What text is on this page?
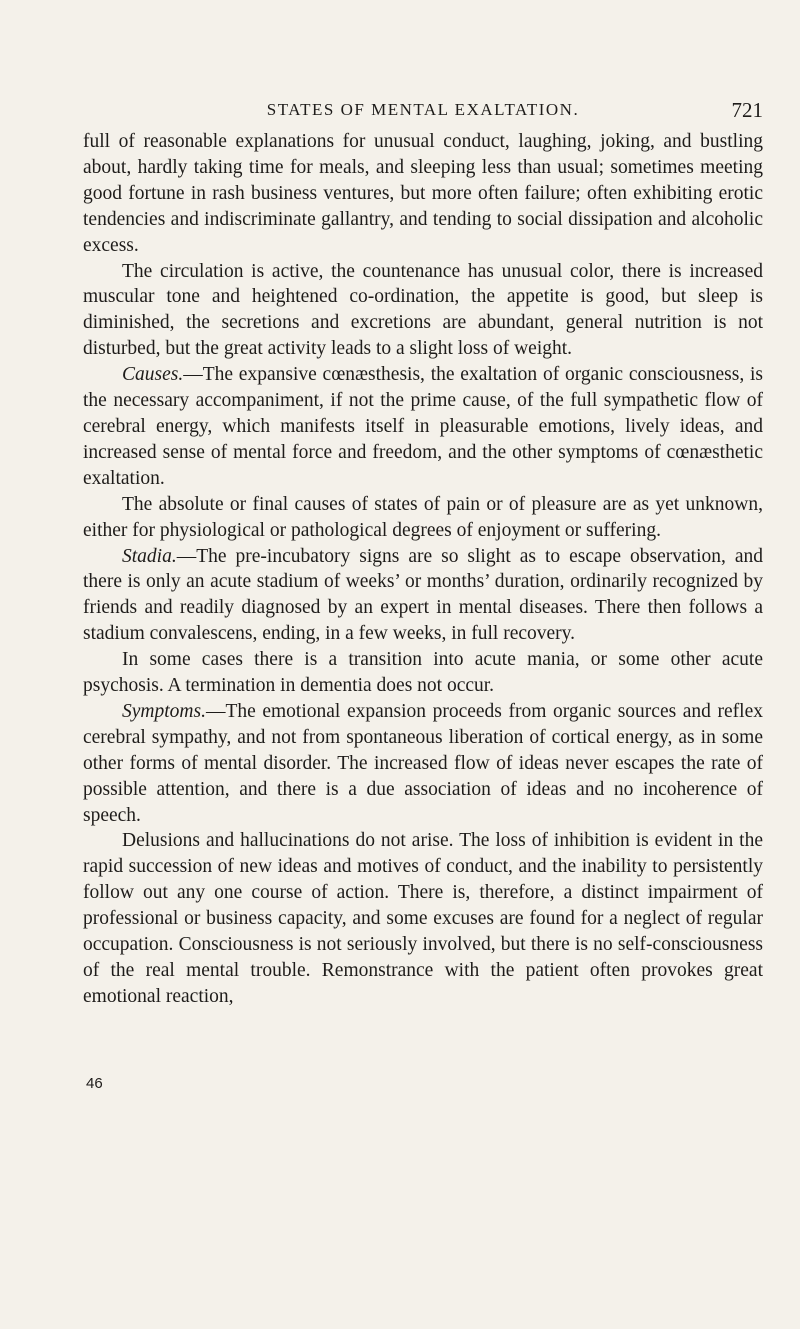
STATES OF MENTAL EXALTATION.	721

full of reasonable explanations for unusual conduct, laughing, joking, and bustling about, hardly taking time for meals, and sleeping less than usual; sometimes meeting good fortune in rash business ventures, but more often failure; often exhibiting erotic tendencies and indiscriminate gallantry, and tending to social dissipation and alcoholic excess.

The circulation is active, the countenance has unusual color, there is increased muscular tone and heightened co-ordination, the appetite is good, but sleep is diminished, the secretions and excretions are abundant, general nutrition is not disturbed, but the great activity leads to a slight loss of weight.

Causes.—The expansive cœnæsthesis, the exaltation of organic consciousness, is the necessary accompaniment, if not the prime cause, of the full sympathetic flow of cerebral energy, which manifests itself in pleasurable emotions, lively ideas, and increased sense of mental force and freedom, and the other symptoms of cœnæsthetic exaltation.

The absolute or final causes of states of pain or of pleasure are as yet unknown, either for physiological or pathological degrees of enjoyment or suffering.

Stadia.—The pre-incubatory signs are so slight as to escape observation, and there is only an acute stadium of weeks’ or months’ duration, ordinarily recognized by friends and readily diagnosed by an expert in mental diseases. There then follows a stadium convalescens, ending, in a few weeks, in full recovery.

In some cases there is a transition into acute mania, or some other acute psychosis. A termination in dementia does not occur.

Symptoms.—The emotional expansion proceeds from organic sources and reflex cerebral sympathy, and not from spontaneous liberation of cortical energy, as in some other forms of mental disorder. The increased flow of ideas never escapes the rate of possible attention, and there is a due association of ideas and no incoherence of speech.

Delusions and hallucinations do not arise. The loss of inhibition is evident in the rapid succession of new ideas and motives of conduct, and the inability to persistently follow out any one course of action. There is, therefore, a distinct impairment of professional or business capacity, and some excuses are found for a neglect of regular occupation. Consciousness is not seriously involved, but there is no self-consciousness of the real mental trouble. Remonstrance with the patient often provokes great emotional reaction,

46
